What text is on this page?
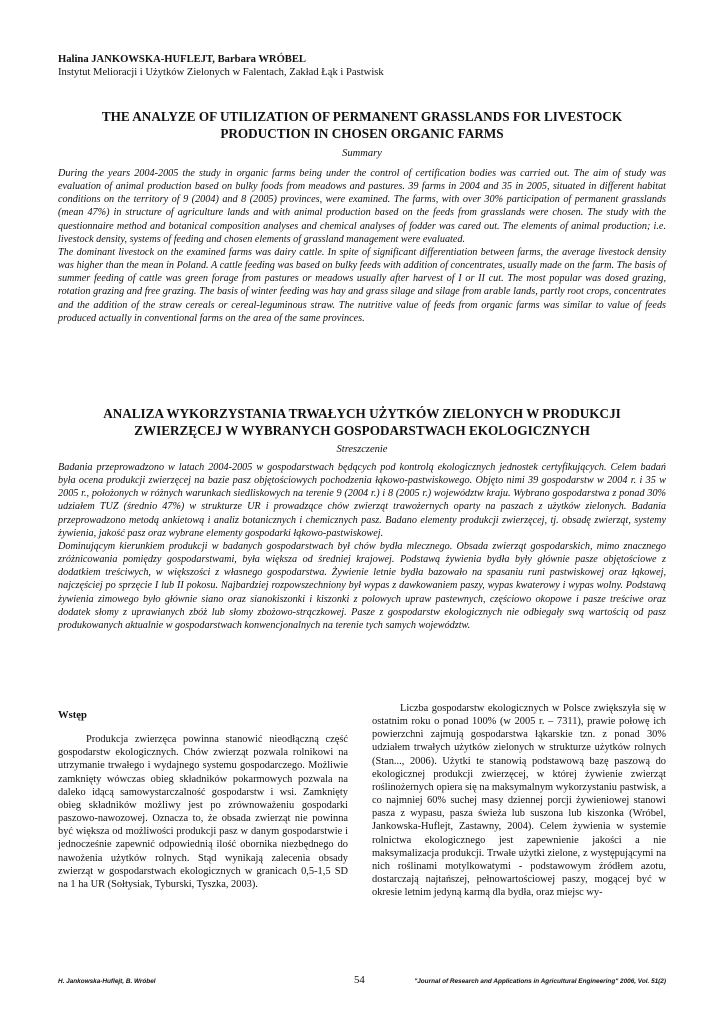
Halina JANKOWSKA-HUFLEJT, Barbara WRÓBEL
Instytut Melioracji i Użytków Zielonych w Falentach, Zakład Łąk i Pastwisk
THE ANALYZE OF UTILIZATION OF PERMANENT GRASSLANDS FOR LIVESTOCK PRODUCTION IN CHOSEN ORGANIC FARMS
Summary

During the years 2004-2005 the study in organic farms being under the control of certification bodies was carried out. The aim of study was evaluation of animal production based on bulky foods from meadows and pastures. 39 farms in 2004 and 35 in 2005, situated in different habitat conditions on the territory of 9 (2004) and 8 (2005) provinces, were examined. The farms, with over 30% participation of permanent grasslands (mean 47%) in structure of agriculture lands and with animal production based on the feeds from grasslands were chosen. The study with the questionnaire method and botanical composition analyses and chemical analyses of fodder was cared out. The elements of animal production; i.e. livestock density, systems of feeding and chosen elements of grassland management were evaluated.

The dominant livestock on the examined farms was dairy cattle. In spite of significant differentiation between farms, the average livestock density was higher than the mean in Poland. A cattle feeding was based on bulky feeds with addition of concentrates, usually made on the farm. The basis of summer feeding of cattle was green forage from pastures or meadows usually after harvest of I or II cut. The most popular was dosed grazing, rotation grazing and free grazing. The basis of winter feeding was hay and grass silage and silage from arable lands, partly root crops, concentrates and the addition of the straw cereals or cereal-leguminous straw. The nutritive value of feeds from organic farms was similar to value of feeds produced actually in conventional farms on the area of the same provinces.

ANALIZA WYKORZYSTANIA TRWAŁYCH UŻYTKÓW ZIELONYCH W PRODUKCJI ZWIERZĘCEJ W WYBRANYCH GOSPODARSTWACH EKOLOGICZNYCH
Streszczenie

Badania przeprowadzono w latach 2004-2005 w gospodarstwach będących pod kontrolą ekologicznych jednostek certyfikujących. Celem badań była ocena produkcji zwierzęcej na bazie pasz objętościowych pochodzenia łąkowo-pastwiskowego. Objęto nimi 39 gospodarstw w 2004 r. i 35 w 2005 r., położonych w różnych warunkach siedliskowych na terenie 9 (2004 r.) i 8 (2005 r.) województw kraju. Wybrano gospodarstwa z ponad 30% udziałem TUZ (średnio 47%) w strukturze UR i prowadzące chów zwierząt trawożernych oparty na paszach z użytków zielonych. Badania przeprowadzono metodą ankietową i analiz botanicznych i chemicznych pasz. Badano elementy produkcji zwierzęcej, tj. obsadę zwierząt, systemy żywienia, jakość pasz oraz wybrane elementy gospodarki łąkowo-pastwiskowej.

Dominującym kierunkiem produkcji w badanych gospodarstwach był chów bydła mlecznego. Obsada zwierząt gospodarskich, mimo znacznego zróżnicowania pomiędzy gospodarstwami, była większa od średniej krajowej. Podstawą żywienia bydła były głównie pasze objętościowe z dodatkiem treściwych, w większości z własnego gospodarstwa. Żywienie letnie bydła bazowało na spasaniu runi pastwiskowej oraz łąkowej, najczęściej po sprzęcie I lub II pokosu. Najbardziej rozpowszechniony był wypas z dawkowaniem paszy, wypas kwaterowy i wypas wolny. Podstawą żywienia zimowego było głównie siano oraz sianokiszonki i kiszonki z polowych upraw pastewnych, częściowo okopowe i pasze treściwe oraz dodatek słomy z uprawianych zbóż lub słomy zbożowo-strączkowej. Pasze z gospodarstw ekologicznych nie odbiegały swą wartością od pasz produkowanych aktualnie w gospodarstwach konwencjonalnych na terenie tych samych województw.

Wstęp

Produkcja zwierzęca powinna stanowić nieodłączną część gospodarstw ekologicznych. Chów zwierząt pozwala rolnikowi na utrzymanie trwałego i wydajnego systemu gospodarczego. Możliwie zamknięty wówczas obieg składników pokarmowych pozwala na daleko idącą samowystarczalność gospodarstw i wsi. Zamknięty obieg składników możliwy jest po zrównoważeniu gospodarki paszowo-nawozowej. Oznacza to, że obsada zwierząt nie powinna być większa od możliwości produkcji pasz w danym gospodarstwie i jednocześnie zapewnić odpowiednią ilość obornika niezbędnego do nawożenia użytków rolnych. Stąd wynikają zalecenia obsady zwierząt w gospodarstwach ekologicznych w granicach 0,5-1,5 SD na 1 ha UR (Sołtysiak, Tyburski, Tyszka, 2003).

Liczba gospodarstw ekologicznych w Polsce zwiększyła się w ostatnim roku o ponad 100% (w 2005 r. – 7311), prawie połowę ich powierzchni zajmują gospodarstwa łąkarskie tzn. z ponad 30% udziałem trwałych użytków zielonych w strukturze użytków rolnych (Stan..., 2006). Użytki te stanowią podstawową bazę paszową do ekologicznej produkcji zwierzęcej, w której żywienie zwierząt roślinożernych opiera się na maksymalnym wykorzystaniu pastwisk, a co najmniej 60% suchej masy dziennej porcji żywieniowej stanowi pasza z wypasu, pasza świeża lub suszona lub kiszonka (Wróbel, Jankowska-Huflejt, Zastawny, 2004). Celem żywienia w systemie rolnictwa ekologicznego jest zapewnienie jakości a nie maksymalizacja produkcji. Trwałe użytki zielone, z występującymi na nich roślinami motylkowatymi - podstawowym źródłem azotu, dostarczają najtańszej, pełnowartościowej paszy, mogącej być w okresie letnim jedyną karmą dla bydła, oraz miejsc wy-

H. Jankowska-Huflejt, B. Wróbel	54	"Journal of Research and Applications in Agricultural Engineering" 2006, Vol. 51(2)
